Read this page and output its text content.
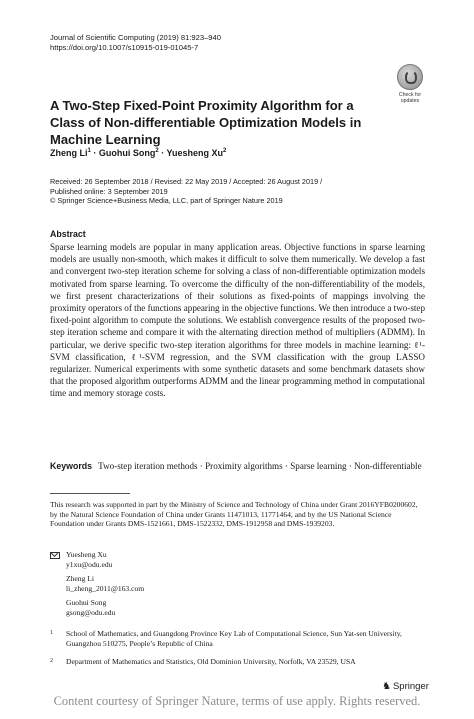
Journal of Scientific Computing (2019) 81:923–940
https://doi.org/10.1007/s10915-019-01045-7
Check for updates
A Two-Step Fixed-Point Proximity Algorithm for a Class of Non-differentiable Optimization Models in Machine Learning
Zheng $Li^1$ · Guohui Song$^2$ · Yuesheng Xu$^2$
Received: 26 September 2018 / Revised: 22 May 2019 / Accepted: 26 August 2019 /
Published online: 3 September 2019
© Springer Science+Business Media, LLC, part of Springer Nature 2019
Abstract
Sparse learning models are popular in many application areas. Objective functions in sparse learning models are usually non-smooth, which makes it difficult to solve them numerically. We develop a fast and convergent two-step iteration scheme for solving a class of non-differentiable optimization models motivated from sparse learning. To overcome the difficulty of the non-differentiability of the models, we first present characterizations of their solutions as fixed-points of mappings involving the proximity operators of the functions appearing in the objective functions. We then introduce a two-step fixed-point algorithm to compute the solutions. We establish convergence results of the proposed two-step iteration scheme and compare it with the alternating direction method of multipliers (ADMM). In particular, we derive specific two-step iteration algorithms for three models in machine learning: ℓ¹-SVM classification, ℓ¹-SVM regression, and the SVM classification with the group LASSO regularizer. Numerical experiments with some synthetic datasets and some benchmark datasets show that the proposed algorithm outperforms ADMM and the linear programming method in computational time and memory storage costs.
Keywords Two-step iteration methods · Proximity algorithms · Sparse learning · Non-differentiable
This research was supported in part by the Ministry of Science and Technology of China under Grant 2016YFB0200602, by the Natural Science Foundation of China under Grants 11471013, 11771464, and by the US National Science Foundation under Grants DMS-1521661, DMS-1522332, DMS-1912958 and DMS-1939203.
Yuesheng Xu
y1xu@odu.edu
Zheng Li
li_zheng_2011@163.com
Guohui Song
gsong@odu.edu
1	School of Mathematics, and Guangdong Province Key Lab of Computational Science, Sun Yat-sen University, Guangzhou 510275, People’s Republic of China
2	Department of Mathematics and Statistics, Old Dominion University, Norfolk, VA 23529, USA
♞ Springer
Content courtesy of Springer Nature, terms of use apply. Rights reserved.
